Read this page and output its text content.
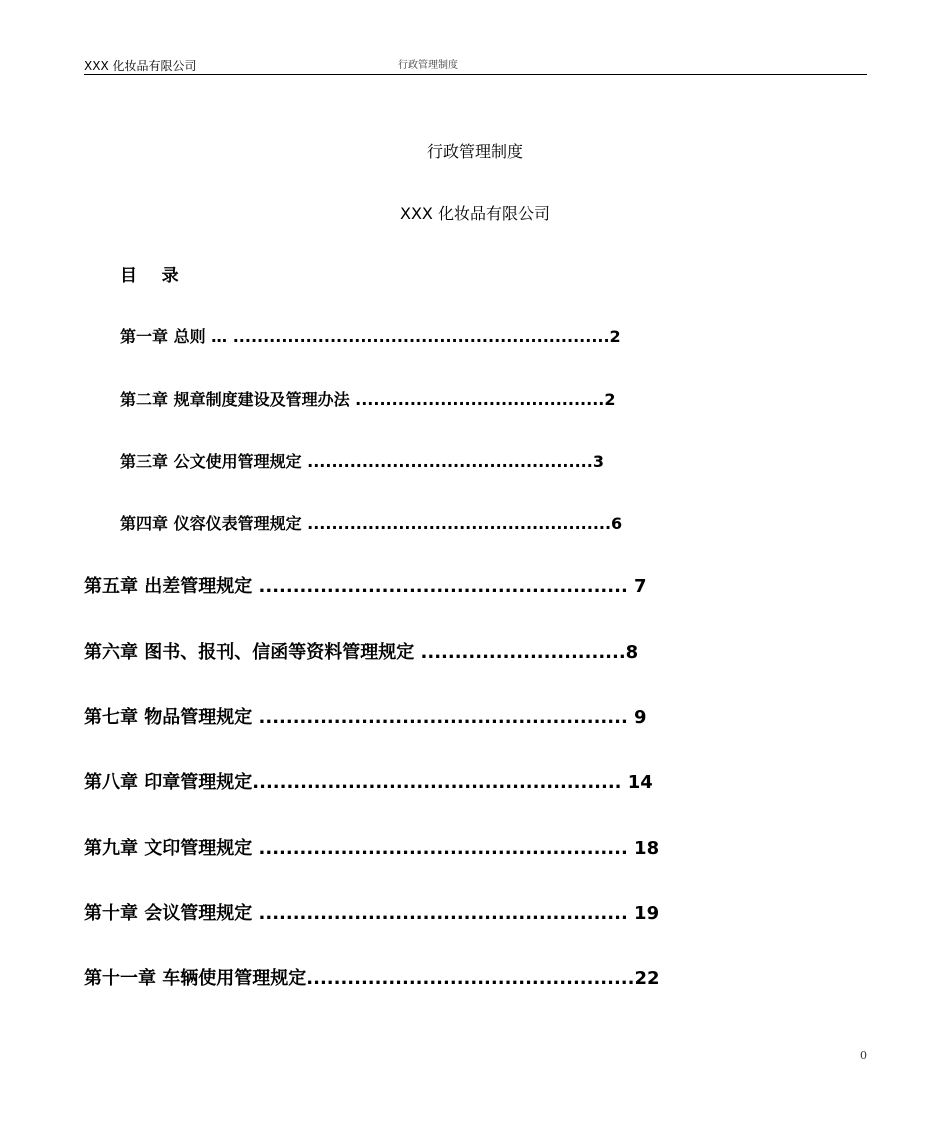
XXX 化妆品有限公司	行政管理制度
行政管理制度
XXX 化妆品有限公司
目 录
第一章 总则 … ..............................................................2
第二章 规章制度建设及管理办法 .........................................2
第三章 公文使用管理规定 ...............................................3
第四章 仪容仪表管理规定 ..................................................6
第五章 出差管理规定 ...................................................... 7
第六章 图书、报刊、信函等资料管理规定 ..............................8
第七章 物品管理规定 ...................................................... 9
第八章 印章管理规定...................................................... 14
第九章 文印管理规定 ...................................................... 18
第十章 会议管理规定 ...................................................... 19
第十一章 车辆使用管理规定................................................22
0
